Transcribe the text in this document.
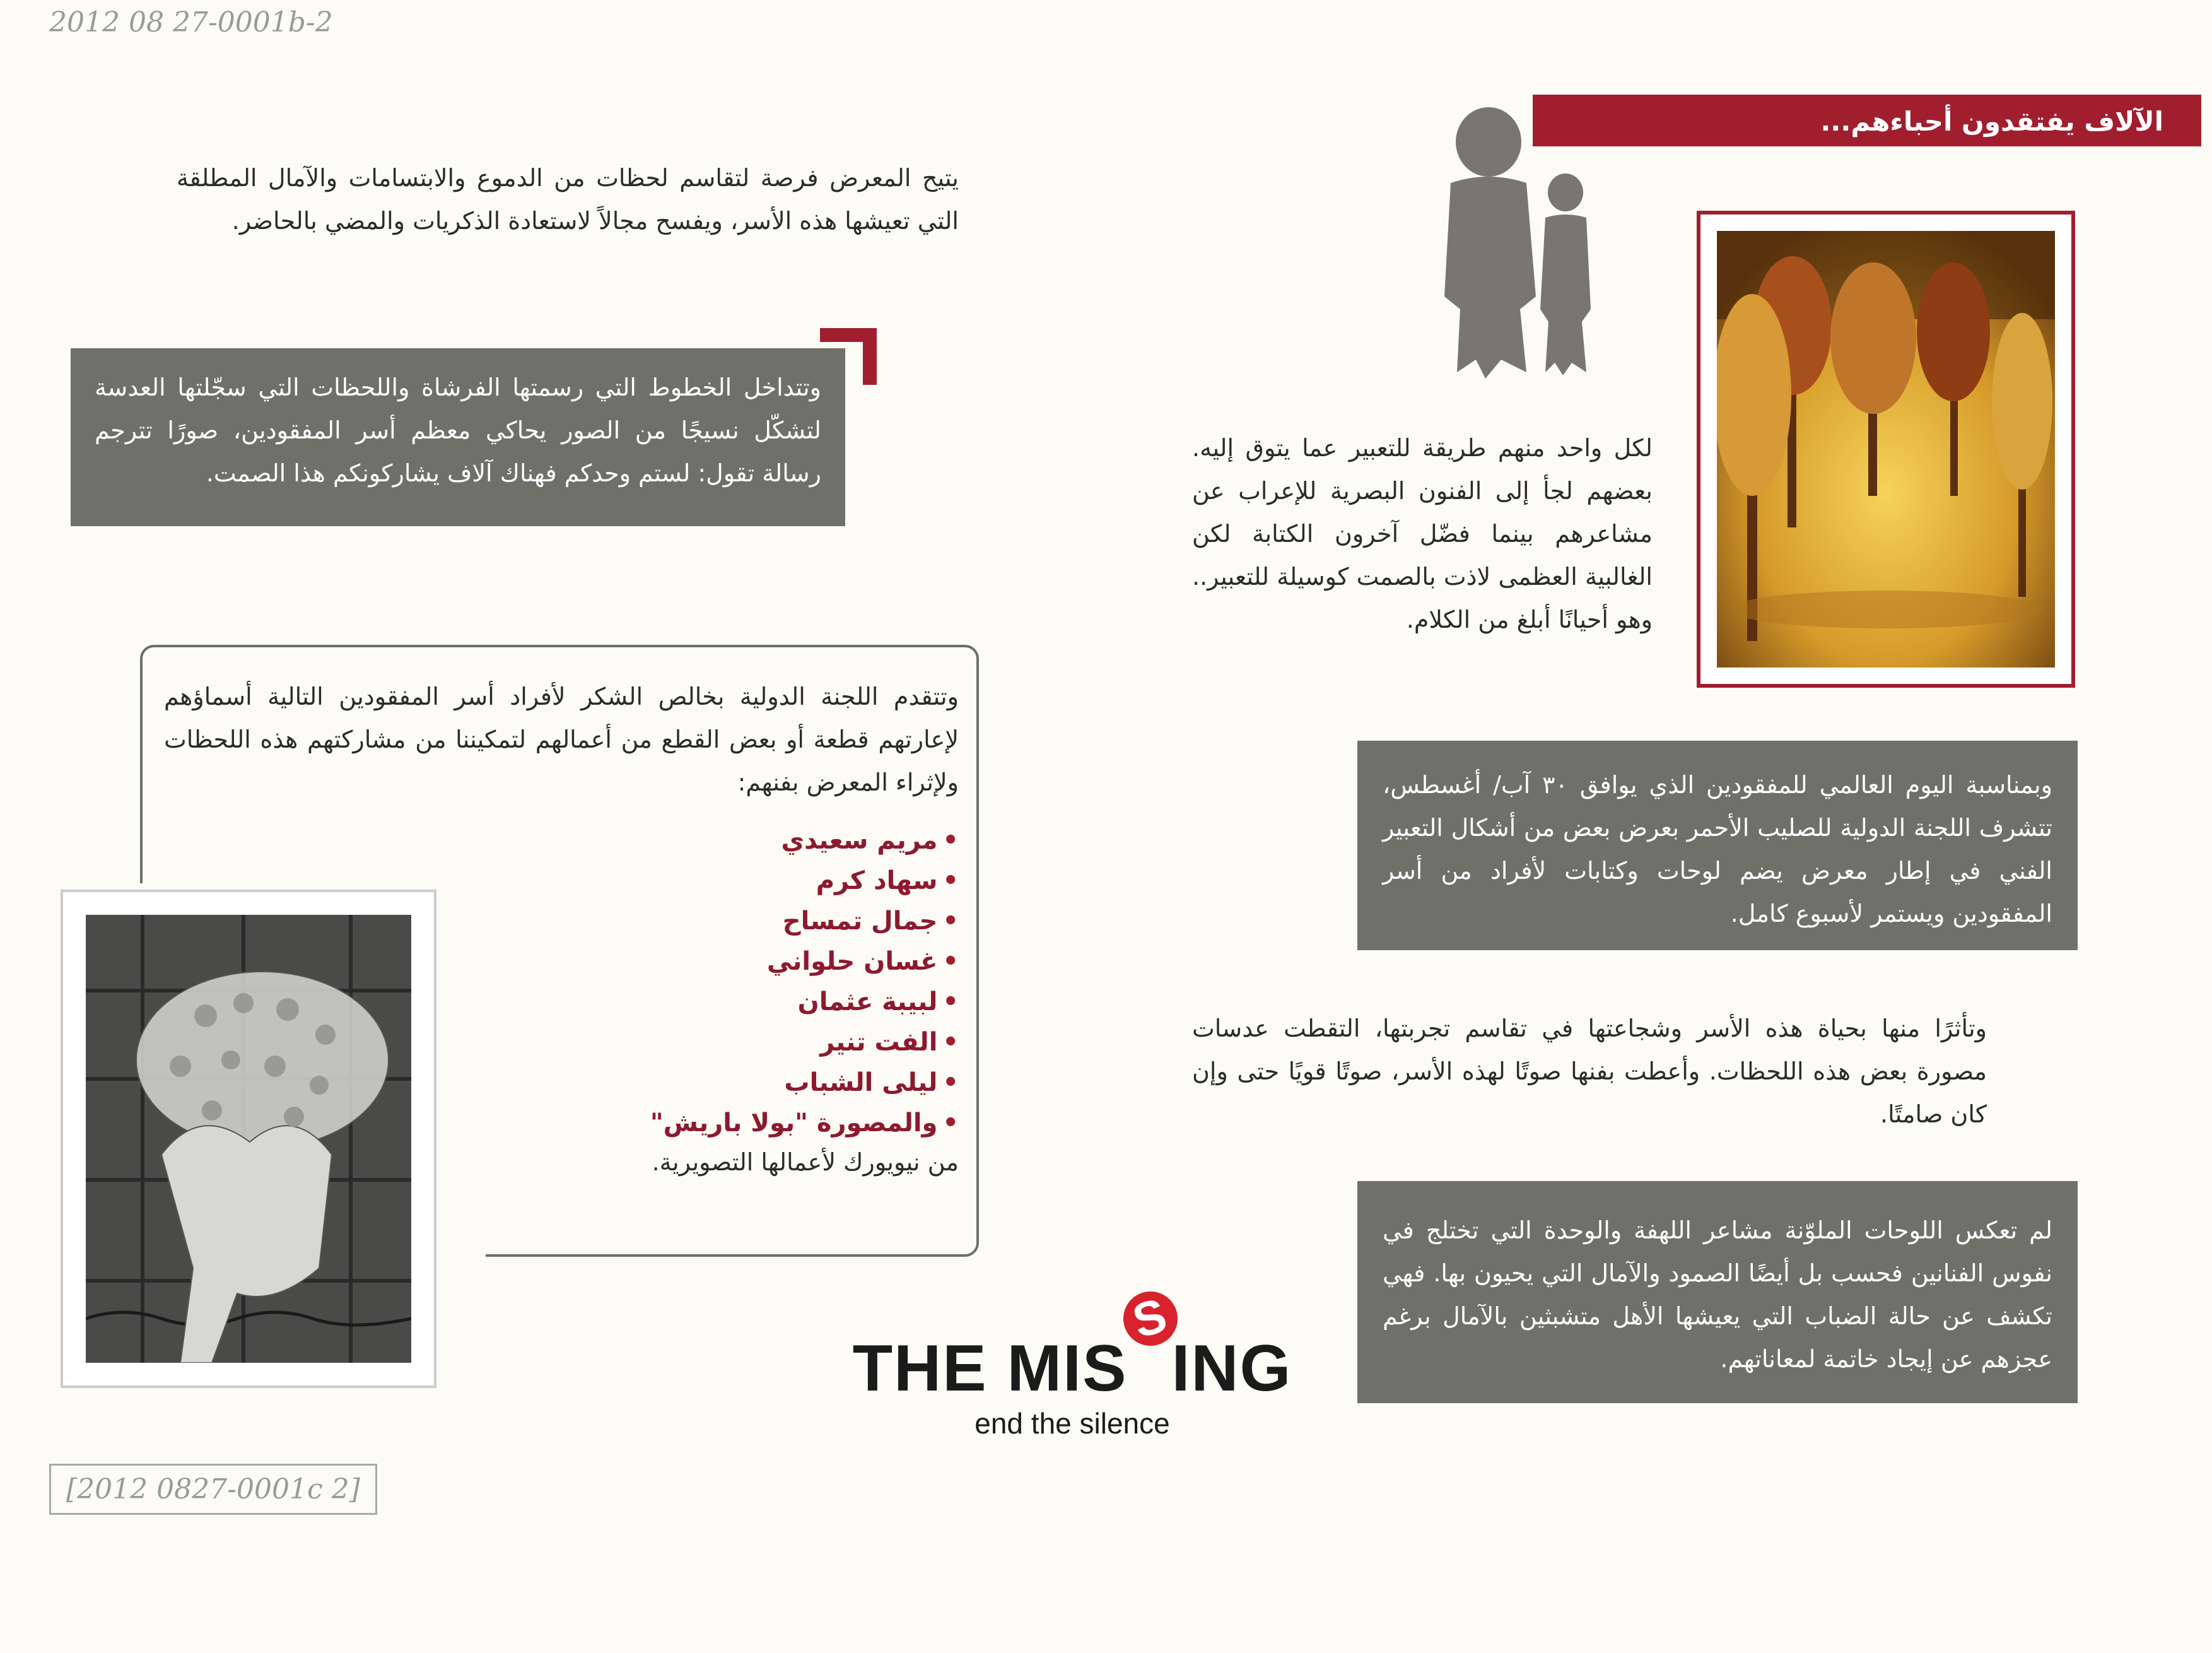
2012 08 27-0001b-2
[2012 0827-0001c 2]
الآلاف يفتقدون أحباءهم...
يتيح المعرض فرصة لتقاسم لحظات من الدموع والابتسامات والآمال المطلقة التي تعيشها هذه الأسر، ويفسح مجالاً لاستعادة الذكريات والمضي بالحاضر.
وتتداخل الخطوط التي رسمتها الفرشاة واللحظات التي سجّلتها العدسة لتشكّل نسيجًا من الصور يحاكي معظم أسر المفقودين، صورًا تترجم رسالة تقول: لستم وحدكم فهناك آلاف يشاركونكم هذا الصمت.
لكل واحد منهم طريقة للتعبير عما يتوق إليه. بعضهم لجأ إلى الفنون البصرية للإعراب عن مشاعرهم بينما فضّل آخرون الكتابة لكن الغالبية العظمى لاذت بالصمت كوسيلة للتعبير.. وهو أحيانًا أبلغ من الكلام.
وتتقدم اللجنة الدولية بخالص الشكر لأفراد أسر المفقودين التالية أسماؤهم لإعارتهم قطعة أو بعض القطع من أعمالهم لتمكيننا من مشاركتهم هذه اللحظات ولإثراء المعرض بفنهم:
• مريم سعيدي
• سهاد كرم
• جمال تمساح
• غسان حلواني
• لبيبة عثمان
• الفت تنير
• ليلى الشباب
• والمصورة "بولا باريش"
من نيويورك لأعمالها التصويرية.
وبمناسبة اليوم العالمي للمفقودين الذي يوافق ٣٠ آب/ أغسطس، تتشرف اللجنة الدولية للصليب الأحمر بعرض بعض من أشكال التعبير الفني في إطار معرض يضم لوحات وكتابات لأفراد من أسر المفقودين ويستمر لأسبوع كامل.
وتأثرًا منها بحياة هذه الأسر وشجاعتها في تقاسم تجربتها، التقطت عدسات مصورة بعض هذه اللحظات. وأعطت بفنها صوتًا لهذه الأسر، صوتًا قويًا حتى وإن كان صامتًا.
لم تعكس اللوحات الملوّنة مشاعر اللهفة والوحدة التي تختلج في نفوس الفنانين فحسب بل أيضًا الصمود والآمال التي يحيون بها. فهي تكشف عن حالة الضباب التي يعيشها الأهل متشبثين بالآمال برغم عجزهم عن إيجاد خاتمة لمعاناتهم.
THE MIS
S
ING
end the silence
